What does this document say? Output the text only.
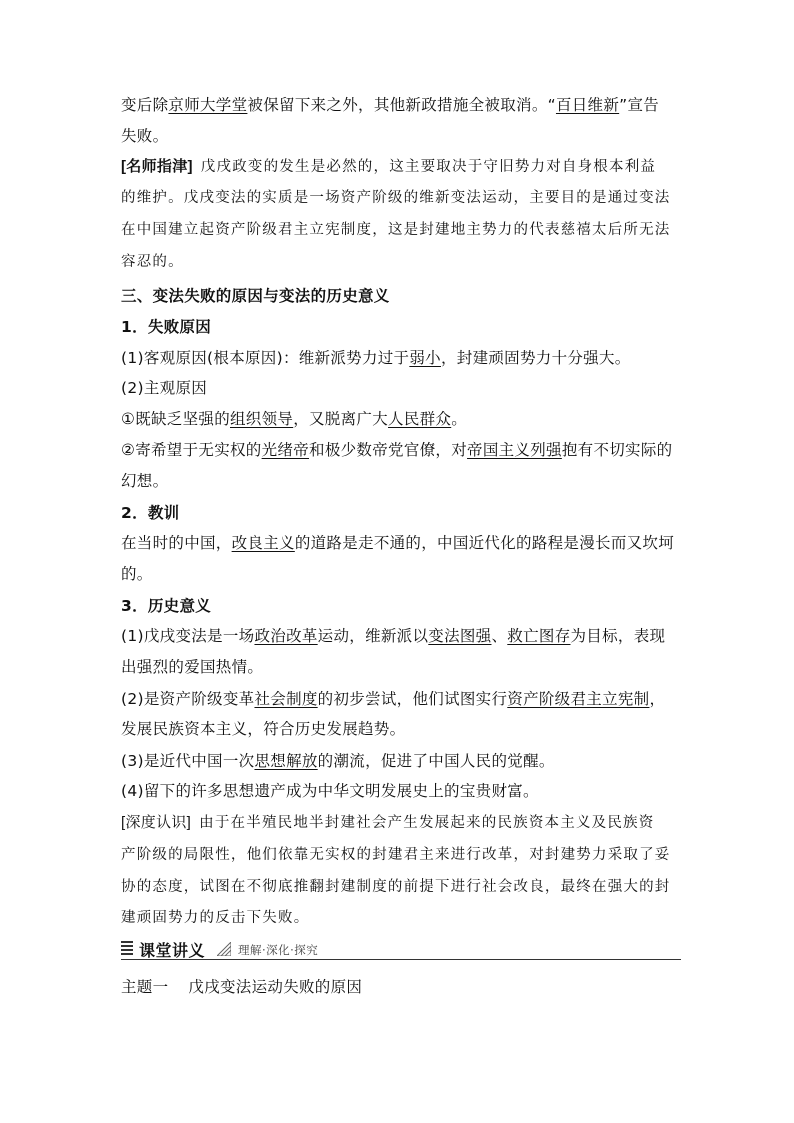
变后除京师大学堂被保留下来之外，其他新政措施全被取消。“百日维新”宣告
失败。
[名师指津] 戊戌政变的发生是必然的，这主要取决于守旧势力对自身根本利益
的维护。戊戌变法的实质是一场资产阶级的维新变法运动，主要目的是通过变法
在中国建立起资产阶级君主立宪制度，这是封建地主势力的代表慈禧太后所无法
容忍的。
三、变法失败的原因与变法的历史意义
1．失败原因
(1)客观原因(根本原因)：维新派势力过于弱小，封建顽固势力十分强大。
(2)主观原因
①既缺乏坚强的组织领导，又脱离广大人民群众。
②寄希望于无实权的光绪帝和极少数帝党官僚，对帝国主义列强抱有不切实际的
幻想。
2．教训
在当时的中国，改良主义的道路是走不通的，中国近代化的路程是漫长而又坎坷
的。
3．历史意义
(1)戊戌变法是一场政治改革运动，维新派以变法图强、救亡图存为目标，表现
出强烈的爱国热情。
(2)是资产阶级变革社会制度的初步尝试，他们试图实行资产阶级君主立宪制，
发展民族资本主义，符合历史发展趋势。
(3)是近代中国一次思想解放的潮流，促进了中国人民的觉醒。
(4)留下的许多思想遗产成为中华文明发展史上的宝贵财富。
[深度认识] 由于在半殖民地半封建社会产生发展起来的民族资本主义及民族资
产阶级的局限性，他们依靠无实权的封建君主来进行改革，对封建势力采取了妥
协的态度，试图在不彻底推翻封建制度的前提下进行社会改良，最终在强大的封
建顽固势力的反击下失败。
课堂讲义	理解·深化·探究
主题一 戊戌变法运动失败的原因
